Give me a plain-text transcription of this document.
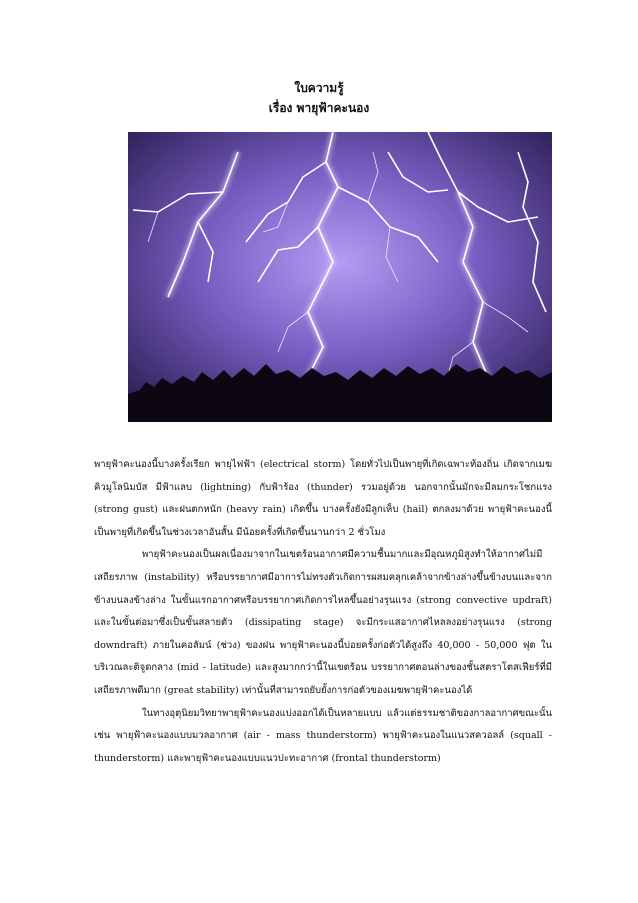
ใบความรู้
เรื่อง พายุฟ้าคะนอง

พายุฟ้าคะนองนี้บางครั้งเรียก พายุไฟฟ้า (electrical storm) โดยทั่วไปเป็นพายุที่เกิดเฉพาะท้องถิ่น เกิดจากเมฆคิวมูโลนิมบัส มีฟ้าแลบ (lightning) กับฟ้าร้อง (thunder) รวมอยู่ด้วย นอกจากนั้นมักจะมีลมกระโชกแรง (strong gust) และฝนตกหนัก (heavy rain) เกิดขึ้น บางครั้งยังมีลูกเห็บ (hail) ตกลงมาด้วย พายุฟ้าคะนองนี้เป็นพายุที่เกิดขึ้นในช่วงเวลาอันสั้น มีน้อยครั้งที่เกิดขึ้นนานกว่า 2 ชั่วโมง

พายุฟ้าคะนองเป็นผลเนื่องมาจากในเขตร้อนอากาศมีความชื้นมากและมีอุณหภูมิสูงทำให้อากาศไม่มีเสถียรภาพ (instability) หรือบรรยากาศมีอาการไม่ทรงตัวเกิดการผสมคลุกเคล้าจากข้างล่างขึ้นข้างบนและจากข้างบนลงข้างล่าง ในขั้นแรกอากาศหรือบรรยากาศเกิดการไหลขึ้นอย่างรุนแรง (strong convective updraft) และในขั้นต่อมาซึ่งเป็นขั้นสลายตัว (dissipating stage) จะมีกระแสอากาศไหลลงอย่างรุนแรง (strong downdraft) ภายในคอลัมน์ (ช่วง) ของฝน พายุฟ้าคะนองนี้บ่อยครั้งก่อตัวได้สูงถึง 40,000 - 50,000 ฟุต ในบริเวณละติจูดกลาง (mid - latitude) และสูงมากกว่านี้ในเขตร้อน บรรยากาศตอนล่างของชั้นสตราโตสเฟียร์ที่มีเสถียรภาพดีมาก (great stability) เท่านั้นที่สามารถยับยั้งการก่อตัวของเมฆพายุฟ้าคะนองได้

ในทางอุตุนิยมวิทยาพายุฟ้าคะนองแบ่งออกได้เป็นหลายแบบ แล้วแต่ธรรมชาติของกาลอากาศขณะนั้น เช่น พายุฟ้าคะนองแบบมวลอากาศ (air - mass thunderstorm) พายุฟ้าคะนองในแนวสควอลล์ (squall - thunderstorm) และพายุฟ้าคะนองแบบแนวปะทะอากาศ (frontal thunderstorm)
